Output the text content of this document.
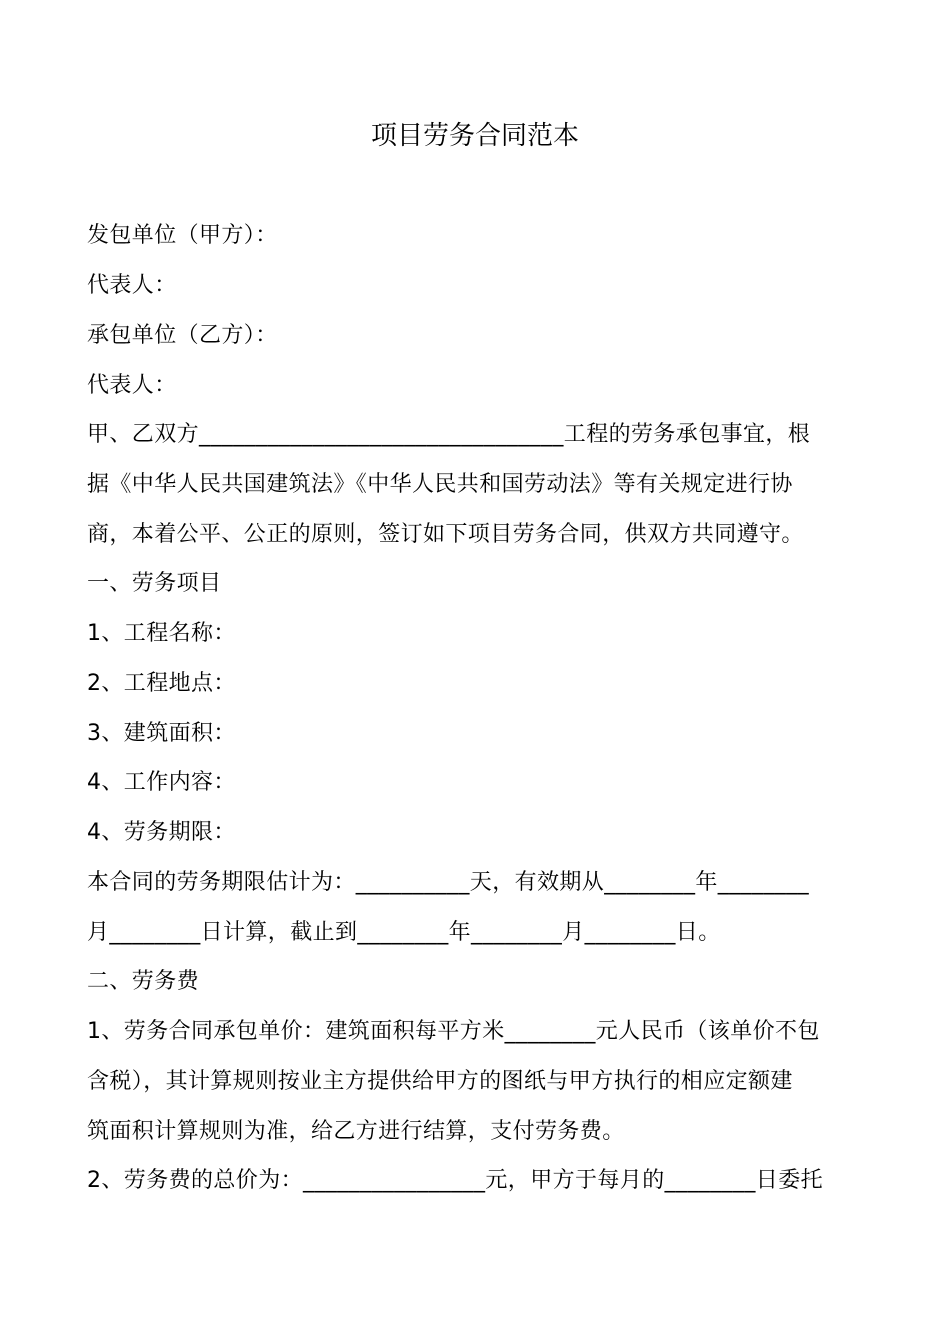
项目劳务合同范本
发包单位（甲方）：
代表人：
承包单位（乙方）：
代表人：
甲、乙双方________________________________工程的劳务承包事宜，根
据《中华人民共国建筑法》《中华人民共和国劳动法》等有关规定进行协
商，本着公平、公正的原则，签订如下项目劳务合同，供双方共同遵守。
一、劳务项目
1、工程名称：
2、工程地点：
3、建筑面积：
4、工作内容：
4、劳务期限：
本合同的劳务期限估计为：__________天，有效期从________年________
月________日计算，截止到________年________月________日。
二、劳务费
1、劳务合同承包单价：建筑面积每平方米________元人民币（该单价不包
含税），其计算规则按业主方提供给甲方的图纸与甲方执行的相应定额建
筑面积计算规则为准，给乙方进行结算，支付劳务费。
2、劳务费的总价为：________________元，甲方于每月的________日委托
